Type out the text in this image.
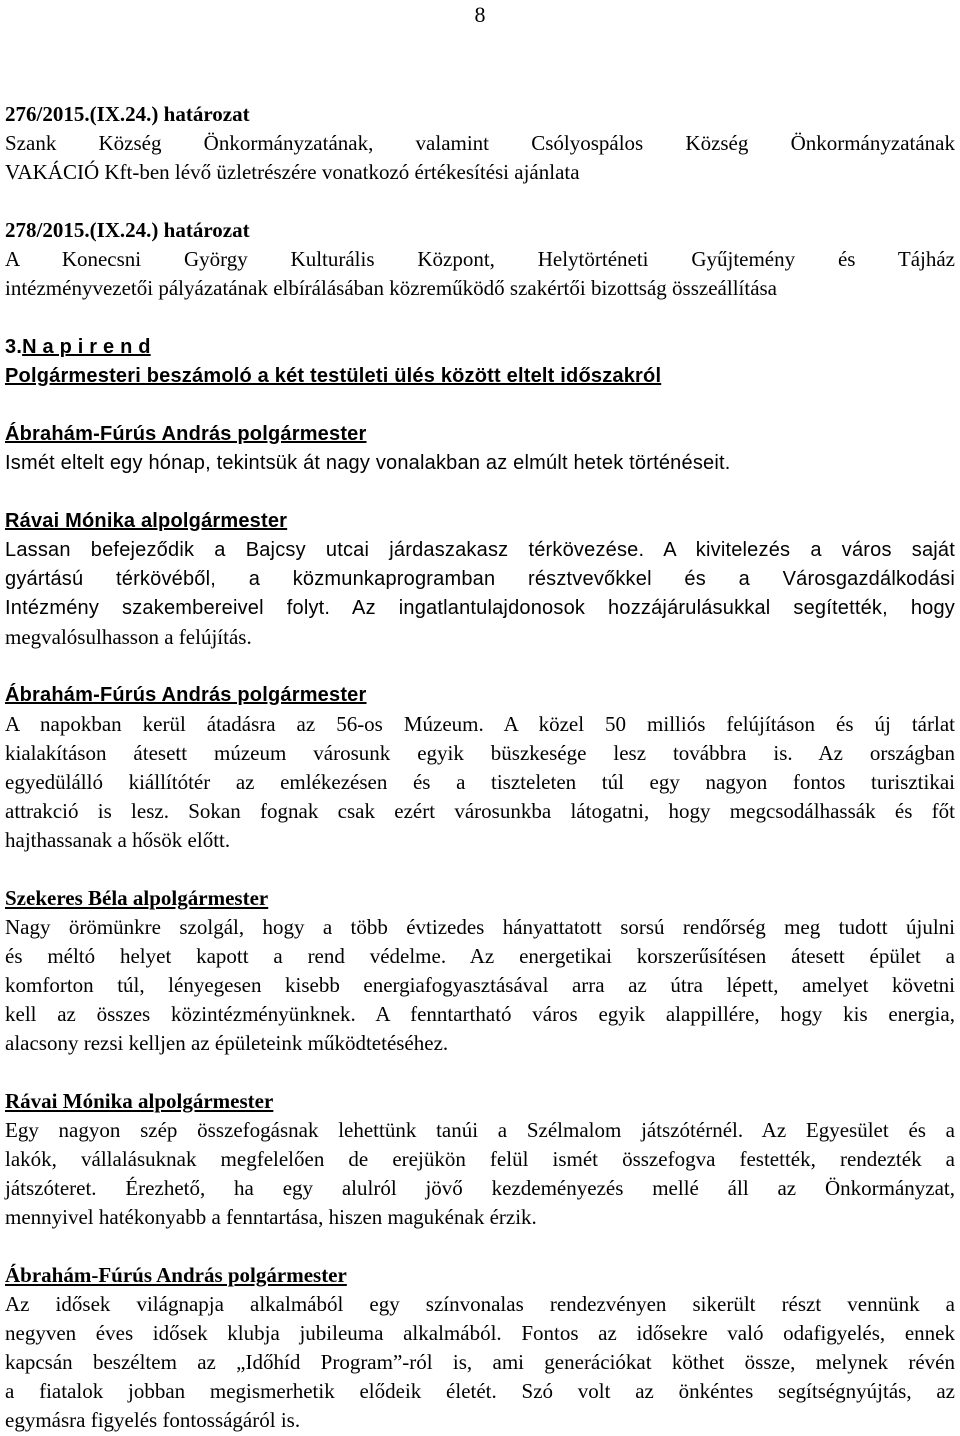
8
276/2015.(IX.24.) határozat
Szank Község Önkormányzatának, valamint Csólyospálos Község Önkormányzatának
VAKÁCIÓ Kft-ben lévő üzletrészére vonatkozó értékesítési ajánlata
278/2015.(IX.24.) határozat
A Konecsni György Kulturális Központ, Helytörténeti Gyűjtemény és Tájház
intézményvezetői pályázatának elbírálásában közreműködő szakértői bizottság összeállítása
3.N a p i r e n d
Polgármesteri beszámoló a két testületi ülés között eltelt időszakról
Ábrahám-Fúrús András polgármester
Ismét eltelt egy hónap, tekintsük át nagy vonalakban az elmúlt hetek történéseit.
Rávai Mónika alpolgármester
Lassan befejeződik a Bajcsy utcai járdaszakasz térkövezése. A kivitelezés a város saját
gyártású térkövéből, a közmunkaprogramban résztvevőkkel és a Városgazdálkodási
Intézmény szakembereivel folyt. Az ingatlantulajdonosok hozzájárulásukkal segítették, hogy
megvalósulhasson a felújítás.
Ábrahám-Fúrús András polgármester
A napokban kerül átadásra az 56-os Múzeum. A közel 50 milliós felújításon és új tárlat
kialakításon átesett múzeum városunk egyik büszkesége lesz továbbra is. Az országban
egyedülálló kiállítótér az emlékezésen és a tiszteleten túl egy nagyon fontos turisztikai
attrakció is lesz. Sokan fognak csak ezért városunkba látogatni, hogy megcsodálhassák és főt
hajthassanak a hősök előtt.
Szekeres Béla alpolgármester
Nagy örömünkre szolgál, hogy a több évtizedes hányattatott sorsú rendőrség meg tudott újulni
és méltó helyet kapott a rend védelme. Az energetikai korszerűsítésen átesett épület a
komforton túl, lényegesen kisebb energiafogyasztásával arra az útra lépett, amelyet követni
kell az összes közintézményünknek. A fenntartható város egyik alappillére, hogy kis energia,
alacsony rezsi kelljen az épületeink működtetéséhez.
Rávai Mónika alpolgármester
Egy nagyon szép összefogásnak lehettünk tanúi a Szélmalom játszótérnél. Az Egyesület és a
lakók, vállalásuknak megfelelően de erejükön felül ismét összefogva festették, rendezték a
játszóteret. Érezhető, ha egy alulról jövő kezdeményezés mellé áll az Önkormányzat,
mennyivel hatékonyabb a fenntartása, hiszen magukénak érzik.
Ábrahám-Fúrús András polgármester
Az idősek világnapja alkalmából egy színvonalas rendezvényen sikerült részt vennünk a
negyven éves idősek klubja jubileuma alkalmából. Fontos az idősekre való odafigyelés, ennek
kapcsán beszéltem az „Időhíd Program”-ról is, ami generációkat köthet össze, melynek révén
a fiatalok jobban megismerhetik elődeik életét. Szó volt az önkéntes segítségnyújtás, az
egymásra figyelés fontosságáról is.
